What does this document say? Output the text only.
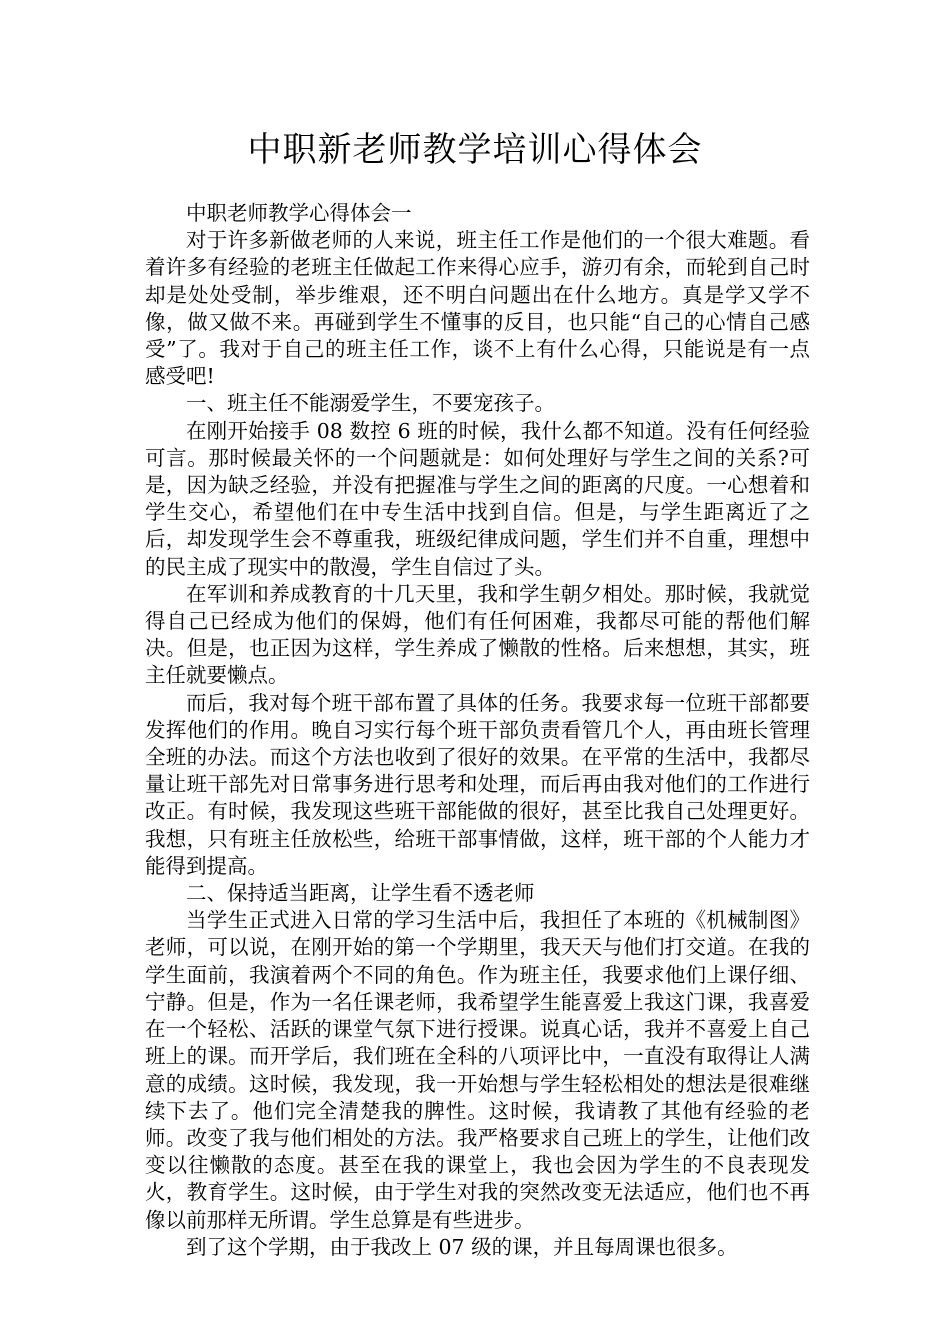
中职新老师教学培训心得体会

中职老师教学心得体会一

对于许多新做老师的人来说，班主任工作是他们的一个很大难题。看着许多有经验的老班主任做起工作来得心应手，游刃有余，而轮到自己时却是处处受制，举步维艰，还不明白问题出在什么地方。真是学又学不像，做又做不来。再碰到学生不懂事的反目，也只能“自己的心情自己感受”了。我对于自己的班主任工作，谈不上有什么心得，只能说是有一点感受吧!

一、班主任不能溺爱学生，不要宠孩子。

在刚开始接手 08 数控 6 班的时候，我什么都不知道。没有任何经验可言。那时候最关怀的一个问题就是：如何处理好与学生之间的关系?可是，因为缺乏经验，并没有把握准与学生之间的距离的尺度。一心想着和学生交心，希望他们在中专生活中找到自信。但是，与学生距离近了之后，却发现学生会不尊重我，班级纪律成问题，学生们并不自重，理想中的民主成了现实中的散漫，学生自信过了头。

在军训和养成教育的十几天里，我和学生朝夕相处。那时候，我就觉得自己已经成为他们的保姆，他们有任何困难，我都尽可能的帮他们解决。但是，也正因为这样，学生养成了懒散的性格。后来想想，其实，班主任就要懒点。

而后，我对每个班干部布置了具体的任务。我要求每一位班干部都要发挥他们的作用。晚自习实行每个班干部负责看管几个人，再由班长管理全班的办法。而这个方法也收到了很好的效果。在平常的生活中，我都尽量让班干部先对日常事务进行思考和处理，而后再由我对他们的工作进行改正。有时候，我发现这些班干部能做的很好，甚至比我自己处理更好。我想，只有班主任放松些，给班干部事情做，这样，班干部的个人能力才能得到提高。

二、保持适当距离，让学生看不透老师

当学生正式进入日常的学习生活中后，我担任了本班的《机械制图》老师，可以说，在刚开始的第一个学期里，我天天与他们打交道。在我的学生面前，我演着两个不同的角色。作为班主任，我要求他们上课仔细、宁静。但是，作为一名任课老师，我希望学生能喜爱上我这门课，我喜爱在一个轻松、活跃的课堂气氛下进行授课。说真心话，我并不喜爱上自己班上的课。而开学后，我们班在全科的八项评比中，一直没有取得让人满意的成绩。这时候，我发现，我一开始想与学生轻松相处的想法是很难继续下去了。他们完全清楚我的脾性。这时候，我请教了其他有经验的老师。改变了我与他们相处的方法。我严格要求自己班上的学生，让他们改变以往懒散的态度。甚至在我的课堂上，我也会因为学生的不良表现发火，教育学生。这时候，由于学生对我的突然改变无法适应，他们也不再像以前那样无所谓。学生总算是有些进步。

到了这个学期，由于我改上 07 级的课，并且每周课也很多。
